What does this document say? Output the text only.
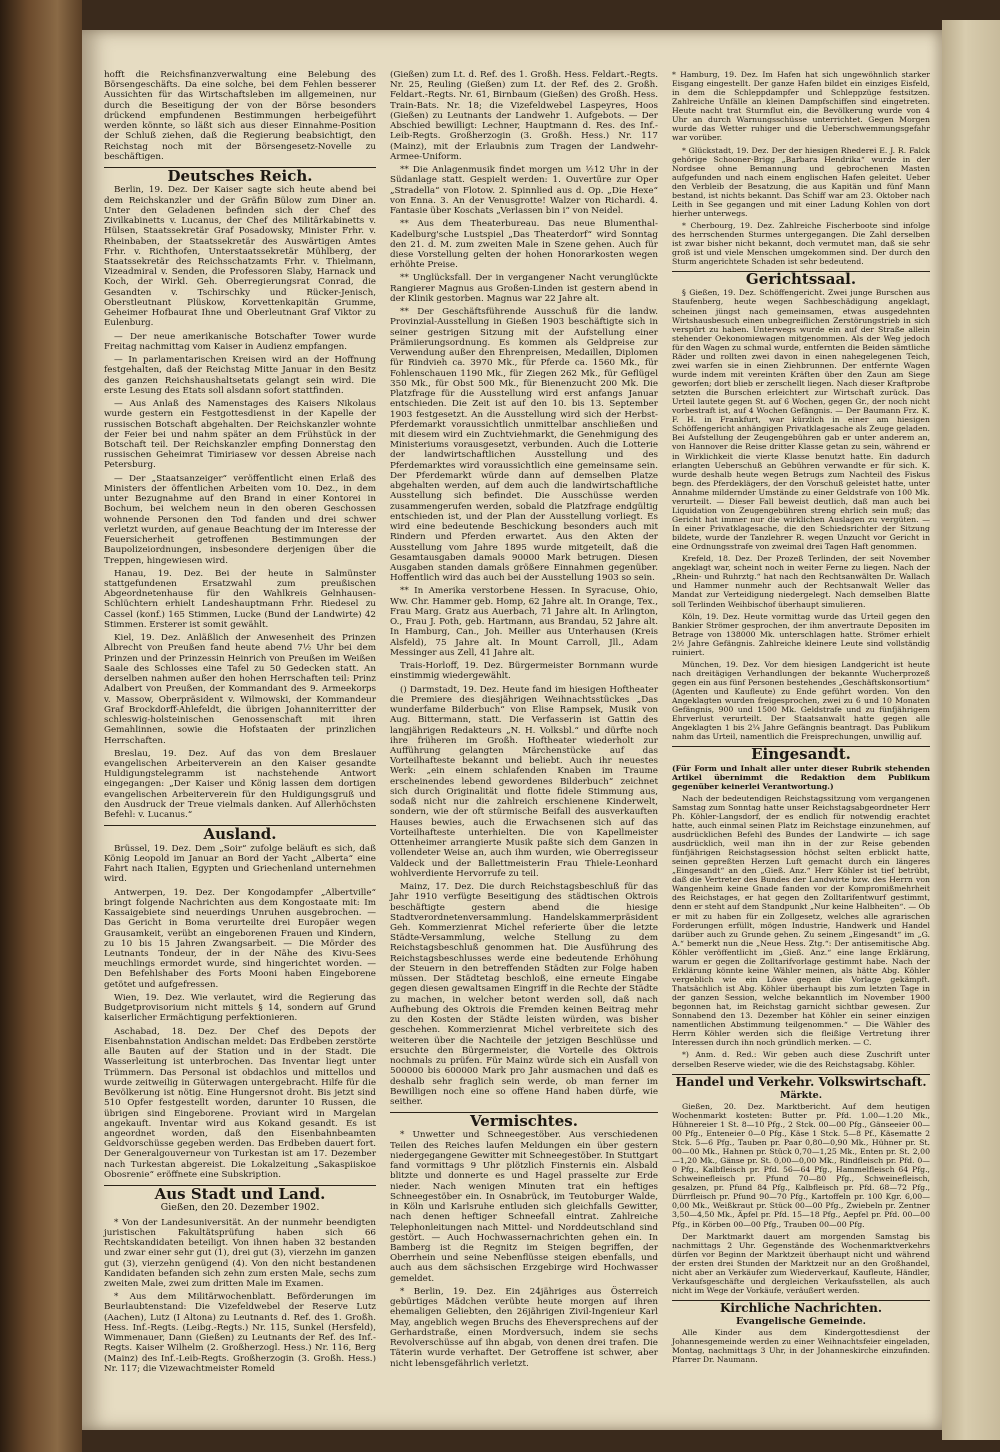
hofft die Reichsfinanzverwaltung eine Belebung des Börsengeschäfts. Da eine solche, bei dem Fehlen besserer Aussichten für das Wirtschaftsleben im allgemeinen, nur durch die Beseitigung der von der Börse besonders drückend empfundenen Bestimmungen herbeigeführt werden könnte, so läßt sich aus dieser Einnahme-Position der Schluß ziehen, daß die Regierung beabsichtigt, den Reichstag noch mit der Börsengesetz-Novelle zu beschäftigen.

Deutsches Reich.

Berlin, 19. Dez. Der Kaiser sagte sich heute abend bei dem Reichskanzler und der Gräfin Bülow zum Diner an. Unter den Geladenen befinden sich der Chef des Zivilkabinetts v. Lucanus, der Chef des Militärkabinetts v. Hülsen, Staatssekretär Graf Posadowsky, Minister Frhr. v. Rheinbaben, der Staatssekretär des Auswärtigen Amtes Frhr. v. Richthofen, Unterstaatssekretär Mühlberg, der Staatssekretär des Reichsschatzamts Frhr. v. Thielmann, Vizeadmiral v. Senden, die Professoren Slaby, Harnack und Koch, der Wirkl. Geh. Oberregierungsrat Conrad, die Gesandten v. Tschirschky und Rücker-Jenisch, Oberstleutnant Plüskow, Korvettenkapitän Grumme, Geheimer Hofbaurat Ihne und Oberleutnant Graf Viktor zu Eulenburg.

— Der neue amerikanische Botschafter Tower wurde Freitag nachmittag vom Kaiser in Audienz empfangen.

— In parlamentarischen Kreisen wird an der Hoffnung festgehalten, daß der Reichstag Mitte Januar in den Besitz des ganzen Reichshaushaltsetats gelangt sein wird. Die erste Lesung des Etats soll alsdann sofort stattfinden.

— Aus Anlaß des Namenstages des Kaisers Nikolaus wurde gestern ein Festgottesdienst in der Kapelle der russischen Botschaft abgehalten. Der Reichskanzler wohnte der Feier bei und nahm später an dem Frühstück in der Botschaft teil. Der Reichskanzler empfing Donnerstag den russischen Geheimrat Timiriasew vor dessen Abreise nach Petersburg.

— Der „Staatsanzeiger“ veröffentlicht einen Erlaß des Ministers der öffentlichen Arbeiten vom 10. Dez., in dem unter Bezugnahme auf den Brand in einer Kontorei in Bochum, bei welchem neun in den oberen Geschossen wohnende Personen den Tod fanden und drei schwer verletzt wurden, auf genaue Beachtung der im Interesse der Feuersicherheit getroffenen Bestimmungen der Baupolizeiordnungen, insbesondere derjenigen über die Treppen, hingewiesen wird.

Hanau, 19. Dez. Bei der heute in Salmünster stattgefundenen Ersatzwahl zum preußischen Abgeordnetenhause für den Wahlkreis Gelnhausen-Schlüchtern erhielt Landeshauptmann Frhr. Riedesel zu Cassel (konf.) 165 Stimmen, Lucke (Bund der Landwirte) 42 Stimmen. Ersterer ist somit gewählt.

Kiel, 19. Dez. Anläßlich der Anwesenheit des Prinzen Albrecht von Preußen fand heute abend 7½ Uhr bei dem Prinzen und der Prinzessin Heinrich von Preußen im Weißen Saale des Schlosses eine Tafel zu 50 Gedecken statt. An derselben nahmen außer den hohen Herrschaften teil: Prinz Adalbert von Preußen, der Kommandant des 9. Armeekorps v. Massow, Oberpräsident v. Wilmowski, der Kommandeur Graf Brockdorff-Ahlefeldt, die übrigen Johanniterritter der schleswig-holsteinischen Genossenschaft mit ihren Gemahlinnen, sowie die Hofstaaten der prinzlichen Herrschaften.

Breslau, 19. Dez. Auf das von dem Breslauer evangelischen Arbeiterverein an den Kaiser gesandte Huldigungstelegramm ist nachstehende Antwort eingegangen: „Der Kaiser und König lassen dem dortigen evangelischen Arbeiterverein für den Huldigungsgruß und den Ausdruck der Treue vielmals danken. Auf Allerhöchsten Befehl: v. Lucanus.“

Ausland.

Brüssel, 19. Dez. Dem „Soir“ zufolge beläuft es sich, daß König Leopold im Januar an Bord der Yacht „Alberta“ eine Fahrt nach Italien, Egypten und Griechenland unternehmen wird.

Antwerpen, 19. Dez. Der Kongodampfer „Albertville“ bringt folgende Nachrichten aus dem Kongostaate mit: Im Kassaigebiete sind neuerdings Unruhen ausgebrochen. — Das Gericht in Boma verurteilte drei Europäer wegen Grausamkeit, verübt an eingeborenen Frauen und Kindern, zu 10 bis 15 Jahren Zwangsarbeit. — Die Mörder des Leutnants Tondeur, der in der Nähe des Kivu-Sees meuchlings ermordet wurde, sind hingerichtet worden. — Den Befehlshaber des Forts Mooni haben Eingeborene getötet und aufgefressen.

Wien, 19. Dez. Wie verlautet, wird die Regierung das Budgetprovisorium nicht mittels § 14, sondern auf Grund kaiserlicher Ermächtigung perfektionieren.

Aschabad, 18. Dez. Der Chef des Depots der Eisenbahnstation Andischan meldet: Das Erdbeben zerstörte alle Bauten auf der Station und in der Stadt. Die Wasserleitung ist unterbrochen. Das Inventar liegt unter Trümmern. Das Personal ist obdachlos und mittellos und wurde zeitweilig in Güterwagen untergebracht. Hilfe für die Bevölkerung ist nötig. Eine Hungersnot droht. Bis jetzt sind 510 Opfer festgestellt worden, darunter 10 Russen, die übrigen sind Eingeborene. Proviant wird in Margelan angekauft. Inventar wird aus Kokand gesandt. Es ist angeordnet worden, daß den Eisenbahnbeamten Geldvorschüsse gegeben werden. Das Erdbeben dauert fort. Der Generalgouverneur von Turkestan ist am 17. Dezember nach Turkestan abgereist. Die Lokalzeitung „Sakaspiiskoe Obosrenie“ eröffnete eine Subskription.

Aus Stadt und Land.
Gießen, den 20. Dezember 1902.

* Von der Landesuniversität. An der nunmehr beendigten juristischen Fakultätsprüfung haben sich 66 Rechtskandidaten beteiligt. Von ihnen haben 32 bestanden und zwar einer sehr gut (1), drei gut (3), vierzehn im ganzen gut (3), vierzehn genügend (4). Von den nicht bestandenen Kandidaten befanden sich zehn zum ersten Male, sechs zum zweiten Male, zwei zum dritten Male im Examen.

* Aus dem Militärwochenblatt. Beförderungen im Beurlaubtenstand: Die Vizefeldwebel der Reserve Lutz (Aachen), Lutz (I Altona) zu Leutnants d. Ref. des 1. Großh. Hess. Inf.-Regts. (Leibg.-Regts.) Nr. 115, Sunkel (Hersfeld), Wimmenauer, Dann (Gießen) zu Leutnants der Ref. des Inf.-Regts. Kaiser Wilhelm (2. Großherzogl. Hess.) Nr. 116, Berg (Mainz) des Inf.-Leib-Regts. Großherzogin (3. Großh. Hess.) Nr. 117; die Vizewachtmeister Romeld

(Gießen) zum Lt. d. Ref. des 1. Großh. Hess. Feldart.-Regts. Nr. 25, Reuling (Gießen) zum Lt. der Ref. des 2. Großh. Feldart.-Regts. Nr. 61, Birnbaum (Gießen) des Großh. Hess. Train-Bats. Nr. 18; die Vizefeldwebel Laspeyres, Hoos (Gießen) zu Leutnants der Landwehr 1. Aufgebots. — Der Abschied bewilligt: Lechner, Hauptmann d. Res. des Inf.-Leib-Regts. Großherzogin (3. Großh. Hess.) Nr. 117 (Mainz), mit der Erlaubnis zum Tragen der Landwehr-Armee-Uniform.

** Die Anlagenmusik findet morgen um ½12 Uhr in der Südanlage statt. Gespielt werden: 1. Ouvertüre zur Oper „Stradella“ von Flotow. 2. Spinnlied aus d. Op. „Die Hexe“ von Enna. 3. An der Venusgrotte! Walzer von Richardi. 4. Fantasie über Koschats „Verlassen bin i“ von Neidel.

** Aus dem Theaterbureau. Das neue Blumenthal-Kadelburg'sche Lustspiel „Das Theaterdorf“ wird Sonntag den 21. d. M. zum zweiten Male in Szene gehen. Auch für diese Vorstellung gelten der hohen Honorarkosten wegen erhöhte Preise.

** Unglücksfall. Der in vergangener Nacht verunglückte Rangierer Magnus aus Großen-Linden ist gestern abend in der Klinik gestorben. Magnus war 22 Jahre alt.

** Der Geschäftsführende Ausschuß für die landw. Provinzial-Ausstellung in Gießen 1903 beschäftigte sich in seiner gestrigen Sitzung mit der Aufstellung einer Prämiierungsordnung. Es kommen als Geldpreise zur Verwendung außer den Ehrenpreisen, Medaillen, Diplomen für Rindvieh ca. 3970 Mk., für Pferde ca. 1560 Mk., für Fohlenschauen 1190 Mk., für Ziegen 262 Mk., für Geflügel 350 Mk., für Obst 500 Mk., für Bienenzucht 200 Mk. Die Platzfrage für die Ausstellung wird erst anfangs Januar entschieden. Die Zeit ist auf den 10. bis 13. September 1903 festgesetzt. An die Ausstellung wird sich der Herbst-Pferdemarkt voraussichtlich unmittelbar anschließen und mit diesem wird ein Zuchtviehmarkt, die Genehmigung des Ministeriums vorausgesetzt, verbunden. Auch die Lotterie der landwirtschaftlichen Ausstellung und des Pferdemarktes wird voraussichtlich eine gemeinsame sein. Der Pferdemarkt würde dann auf demselben Platze abgehalten werden, auf dem auch die landwirtschaftliche Ausstellung sich befindet. Die Ausschüsse werden zusammengerufen werden, sobald die Platzfrage endgültig entschieden ist, und der Plan der Ausstellung vorliegt. Es wird eine bedeutende Beschickung besonders auch mit Rindern und Pferden erwartet. Aus den Akten der Ausstellung vom Jahre 1895 wurde mitgeteilt, daß die Gesamtausgaben damals 90000 Mark betrugen. Diesen Ausgaben standen damals größere Einnahmen gegenüber. Hoffentlich wird das auch bei der Ausstellung 1903 so sein.

** In Amerika verstorbene Hessen. In Syracuse, Ohio, Ww. Chr. Hammer geb. Homp, 62 Jahre alt. In Orange, Tex., Frau Marg. Gratz aus Auerbach, 71 Jahre alt. In Arlington, O., Frau J. Poth, geb. Hartmann, aus Brandau, 52 Jahre alt. In Hamburg, Can., Joh. Meiller aus Unterhausen (Kreis Alsfeld), 75 Jahre alt. In Mount Carroll, Jll., Adam Messinger aus Zell, 41 Jahre alt.

Trais-Horloff, 19. Dez. Bürgermeister Bornmann wurde einstimmig wiedergewählt.

() Darmstadt, 19. Dez. Heute fand im hiesigen Hoftheater die Premiere des diesjährigen Weihnachtsstückes „Das wunderfame Bilderbuch“ von Elise Rampsek, Musik von Aug. Bittermann, statt. Die Verfasserin ist Gattin des langjährigen Redakteurs „N. H. Volksbl.“ und dürfte noch ihre früheren im Großh. Hoftheater wiederholt zur Aufführung gelangten Märchenstücke auf das Vorteilhafteste bekannt und beliebt. Auch ihr neuestes Werk: „ein einem schlafenden Knaben im Traume erscheinendes lebend gewordenes Bilderbuch“ zeichnet sich durch Originalität und flotte fidele Stimmung aus, sodaß nicht nur die zahlreich erschienene Kinderwelt, sondern, wie der oft stürmische Beifall des ausverkauften Hauses bewies, auch die Erwachsenen sich auf das Vorteilhafteste unterhielten. Die von Kapellmeister Ottenheimer arrangierte Musik paßte sich dem Ganzen in vollendeter Weise an, auch ihm wurden, wie Oberregisseur Valdeck und der Ballettmeisterin Frau Thiele-Leonhard wohlverdiente Hervorrufe zu teil.

Mainz, 17. Dez. Die durch Reichstagsbeschluß für das Jahr 1910 verfügte Beseitigung des städtischen Oktrois beschäftigte gestern abend die hiesige Stadtverordnetenversammlung. Handelskammerpräsident Geh. Kommerzienrat Michel referierte über die letzte Städte-Versammlung, welche Stellung zu dem Reichstagsbeschluß genommen hat. Die Ausführung des Reichstagsbeschlusses werde eine bedeutende Erhöhung der Steuern in den betreffenden Städten zur Folge haben müssen. Der Städtetag beschloß, eine erneute Eingabe gegen diesen gewaltsamen Eingriff in die Rechte der Städte zu machen, in welcher betont werden soll, daß nach Aufhebung des Oktrois die Fremden keinen Beitrag mehr zu den Kosten der Städte leisten würden, was bisher geschehen. Kommerzienrat Michel verbreitete sich des weiteren über die Nachteile der jetzigen Beschlüsse und ersuchte den Bürgermeister, die Vorteile des Oktrois nochmals zu prüfen. Für Mainz würde sich ein Ausfall von 500000 bis 600000 Mark pro Jahr ausmachen und daß es deshalb sehr fraglich sein werde, ob man ferner im Bewilligen noch eine so offene Hand haben dürfe, wie seither.

Vermischtes.

* Unwetter und Schneegestöber. Aus verschiedenen Teilen des Reiches laufen Meldungen ein über gestern niedergegangene Gewitter mit Schneegestöber. In Stuttgart fand vormittags 9 Uhr plötzlich Finsternis ein. Alsbald blitzte und donnerte es und Hagel prasselte zur Erde nieder. Nach wenigen Minuten trat ein heftiges Schneegestöber ein. In Osnabrück, im Teutoburger Walde, in Köln und Karlsruhe entluden sich gleichfalls Gewitter, nach denen heftiger Schneefall eintrat. Zahlreiche Telephonleitungen nach Mittel- und Norddeutschland sind gestört. — Auch Hochwassernachrichten gehen ein. In Bamberg ist die Regnitz im Steigen begriffen, der Oberrhein und seine Nebenflüsse steigen ebenfalls, und auch aus dem sächsischen Erzgebirge wird Hochwasser gemeldet.

* Berlin, 19. Dez. Ein 24jähriges aus Österreich gebürtiges Mädchen verübte heute morgen auf ihren ehemaligen Geliebten, den 26jährigen Zivil-Ingenieur Karl May, angeblich wegen Bruchs des Eheversprechens auf der Gerhardstraße, einen Mordversuch, indem sie sechs Revolverschüsse auf ihn abgab, von denen drei trafen. Die Täterin wurde verhaftet. Der Getroffene ist schwer, aber nicht lebensgefährlich verletzt.

* Hamburg, 19. Dez. Im Hafen hat sich ungewöhnlich starker Eisgang eingestellt. Der ganze Hafen bildet ein einziges Eisfeld, in dem die Schleppdampfer und Schleppzüge festsitzen. Zahlreiche Unfälle an kleinen Dampfschiffen sind eingetreten. Heute nacht trat Sturmflut ein, die Bevölkerung wurde von 4 Uhr an durch Warnungsschüsse unterrichtet. Gegen Morgen wurde das Wetter ruhiger und die Ueberschwemmungsgefahr war vorüber.

* Glückstadt, 19. Dez. Der der hiesigen Rhederei E. J. R. Falck gehörige Schooner-Brigg „Barbara Hendrika“ wurde in der Nordsee ohne Bemannung und gebrochenen Masten aufgefunden und nach einem englischen Hafen geleitet. Ueber den Verbleib der Besatzung, die aus Kapitän und fünf Mann bestand, ist nichts bekannt. Das Schiff war am 23. Oktober nach Leith in See gegangen und mit einer Ladung Kohlen von dort hierher unterwegs.

* Cherbourg, 19. Dez. Zahlreiche Fischerboote sind infolge des herrschenden Sturmes untergegangen. Die Zahl derselben ist zwar bisher nicht bekannt, doch vermutet man, daß sie sehr groß ist und viele Menschen umgekommen sind. Der durch den Sturm angerichtete Schaden ist sehr bedeutend.

Gerichtssaal.

§ Gießen, 19. Dez. Schöffengericht. Zwei junge Burschen aus Staufenberg, heute wegen Sachbeschädigung angeklagt, scheinen jüngst nach gemeinsamen, etwas ausgedehnten Wirtshausbesuch einen unbegreiflichen Zerstörungstrieb in sich verspürt zu haben. Unterwegs wurde ein auf der Straße allein stehender Oekonomiewagen mitgenommen. Als der Weg jedoch für den Wagen zu schmal wurde, entfernten die Beiden sämtliche Räder und rollten zwei davon in einen nahegelegenen Teich, zwei warfen sie in einen Ziehbrunnen. Der entfernte Wagen wurde indem mit vereinten Kräften über den Zaun am Siege geworfen; dort blieb er zerschellt liegen. Nach dieser Kraftprobe setzten die Burschen erleichtert zur Wirtschaft zurück. Das Urteil lautete gegen St. auf 6 Wochen, gegen Gr., der noch nicht vorbestraft ist, auf 4 Wochen Gefängnis. — Der Baumann Frz. K. F. H. in Frankfurt, war kürzlich in einer am hiesigen Schöffengericht anhängigen Privatklagesache als Zeuge geladen. Bei Aufstellung der Zeugengebühren gab er unter anderem an, von Hannover die Reise dritter Klasse getan zu sein, während er in Wirklichkeit die vierte Klasse benutzt hatte. Ein dadurch erlangten Ueberschuß an Gebühren verwandte er für sich. K. wurde deshalb heute wegen Betrugs zum Nachteil des Fiskus begn. des Pferdeklägers, der den Vorschuß geleistet hatte, unter Annahme mildernder Umstände zu einer Geldstrafe von 100 Mk. verurteilt. — Dieser Fall beweist deutlich, daß man auch bei Liquidation von Zeugengebühren streng ehrlich sein muß; das Gericht hat immer nur die wirklichen Auslagen zu vergüten. — In einer Privatklagesache, die den Schiedsrichter der Sitzung bildete, wurde der Tanzlehrer R. wegen Unzucht vor Gericht in eine Ordnungsstrafe von zweimal drei Tagen Haft genommen.

Krefeld, 18. Dez. Der Prozeß Terlinden, der seit November angeklagt war, scheint noch in weiter Ferne zu liegen. Nach der „Rhein- und Ruhrztg.“ hat nach den Rechtsanwälten Dr. Wallach und Hammer nunmehr auch der Rechtsanwalt Weller das Mandat zur Verteidigung niedergelegt. Nach demselben Blatte soll Terlinden Weihbischof überhaupt simulieren.

Köln, 19. Dez. Heute vormittag wurde das Urteil gegen den Bankier Strömer gesprochen, der ihm anvertraute Depositen im Betrage von 138000 Mk. unterschlagen hatte. Strömer erhielt 2½ Jahre Gefängnis. Zahlreiche kleinere Leute sind vollständig ruiniert.

München, 19. Dez. Vor dem hiesigen Landgericht ist heute nach dreitägigen Verhandlungen der bekannte Wucherprozeß gegen ein aus fünf Personen bestehendes „Geschäftskonsortium“ (Agenten und Kaufleute) zu Ende geführt worden. Von den Angeklagten wurden freigesprochen, zwei zu 6 und 10 Monaten Gefängnis, 900 und 1500 Mk. Geldstrafe und zu fünfjährigem Ehrverlust verurteilt. Der Staatsanwalt hatte gegen alle Angeklagten 1 bis 2¼ Jahre Gefängnis beantragt. Das Publikum nahm das Urteil, namentlich die Freisprechungen, unwillig auf.

Eingesandt.

(Für Form und Inhalt aller unter dieser Rubrik stehenden Artikel übernimmt die Redaktion dem Publikum gegenüber keinerlei Verantwortung.)

Nach der bedeutendigen Reichstagssitzung vom vergangenen Samstag zum Sonntag hatte unser Reichstagsabgeordneter Herr Ph. Köhler-Langsdorf, der es endlich für notwendig erachtet hatte, auch einmal seinen Platz im Reichstage einzunehmen, auf ausdrücklichen Befehl des Bundes der Landwirte — ich sage ausdrücklich, weil man ihn in der zur Reise gebenden fünfjährigen Reichstagsession höchst selten erblickt hatte, seinen gepreßten Herzen Luft gemacht durch ein längeres „Eingesandt“ an den „Gieß. Anz.“ Herr Köhler ist tief betrübt, daß die Vertreter des Bundes der Landwirte bzw. des Herrn von Wangenheim keine Gnade fanden vor der Kompromißmehrheit des Reichstages, er hat gegen den Zolltarifentwurf gestimmt, denn er steht auf dem Standpunkt „Nur keine Halbheiten“. — Ob er mit zu haben für ein Zollgesetz, welches alle agrarischen Forderungen erfüllt, mögen Industrie, Handwerk und Handel darüber auch zu Grunde gehen. Zu seinem „Eingesandt“ im „G. A.“ bemerkt nun die „Neue Hess. Ztg.“: Der antisemitische Abg. Köhler veröffentlicht im „Gieß. Anz.“ eine lange Erklärung, warum er gegen die Zolltarifvorlage gestimmt habe. Nach der Erklärung könnte keine Wähler meinen, als hätte Abg. Köhler vergeblich wie ein Löwe gegen die Vorlage gekämpft. Thatsächlich ist Abg. Köhler überhaupt bis zum letzten Tage in der ganzen Session, welche bekanntlich im November 1900 begonnen hat, im Reichstag garnicht sichtbar gewesen. Zur Sonnabend den 13. Dezember hat Köhler ein seiner einzigen namentlichen Abstimmung teilgenommen.“ — Die Wähler des Herrn Köhler werden sich die fleißige Vertretung ihrer Interessen durch ihn noch gründlich merken. — C.

*) Anm. d. Red.: Wir geben auch diese Zuschrift unter derselben Reserve wieder, wie die des Reichstagsabg. Köhler.

Handel und Verkehr. Volkswirtschaft.
Märkte.

Gießen, 20. Dez. Marktbericht. Auf dem heutigen Wochenmarkt kosteten: Butter pr. Pfd. 1.00—1.20 Mk., Hühnereier 1 St. 8—10 Pfg., 2 Stck. 00—00 Pfg., Gänseeier 00—00 Pfg., Enteneier 0—0 Pfg., Käse 1 Stck. 5—8 Pf., Käsematte 2 Stck. 5—6 Pfg., Tauben pr. Paar 0,80—0,90 Mk., Hühner pr. St. 00—00 Mk., Hahnen pr. Stück 0,70—1,25 Mk., Enten pr. St. 2,00—1,20 Mk., Gänse pr. St. 0,00—0,00 Mk., Rindfleisch pr. Pfd. 0—0 Pfg., Kalbfleisch pr. Pfd. 56—64 Pfg., Hammelfleisch 64 Pfg., Schweinefleisch pr. Pfund 70—80 Pfg., Schweinefleisch, gesalzen, pr. Pfund 84 Pfg., Kalbfleisch pr. Pfd. 68—72 Pfg., Dürrfleisch pr. Pfund 90—70 Pfg., Kartoffeln pr. 100 Kgr. 6,00—0,00 Mk., Weißkraut pr. Stück 00—00 Pfg., Zwiebeln pr. Zentner 3,50—4,50 Mk., Äpfel pr. Pfd. 15—18 Pfg., Aepfel pr. Pfd. 00—00 Pfg., in Körben 00—00 Pfg., Trauben 00—00 Pfg.

Der Marktmarkt dauert am morgenden Samstag bis nachmittags 2 Uhr. Gegenstände des Wochenmarktverkehrs dürfen vor Beginn der Marktzeit überhaupt nicht und während der ersten drei Stunden der Marktzeit nur an den Großhandel, nicht aber an Verkäufer zum Wiederverkauf, Kaufleute, Händler, Verkaufsgeschäfte und dergleichen Verkaufsstellen, als auch nicht im Wege der Vorkäufe, veräußert werden.

Kirchliche Nachrichten.
Evangelische Gemeinde.

Alle Kinder aus dem Kindergottesdienst der Johannesgemeinde werden zu einer Weihnachtsfeier eingeladen, Montag, nachmittags 3 Uhr, in der Johanneskirche einzufinden. Pfarrer Dr. Naumann.
